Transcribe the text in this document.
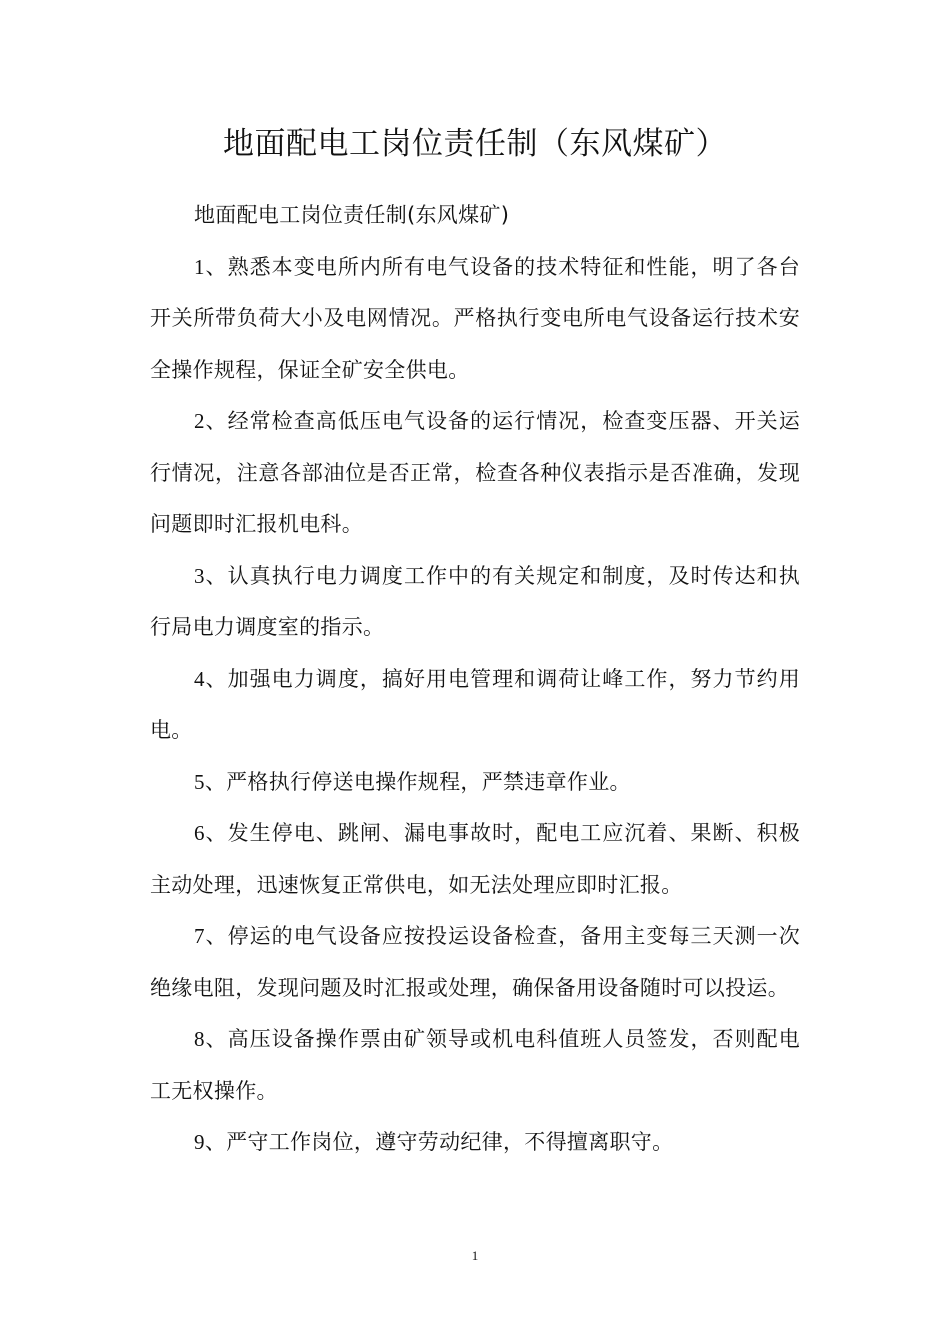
地面配电工岗位责任制（东风煤矿）

地面配电工岗位责任制(东风煤矿)

1、熟悉本变电所内所有电气设备的技术特征和性能，明了各台开关所带负荷大小及电网情况。严格执行变电所电气设备运行技术安全操作规程，保证全矿安全供电。

2、经常检查高低压电气设备的运行情况，检查变压器、开关运行情况，注意各部油位是否正常，检查各种仪表指示是否准确，发现问题即时汇报机电科。

3、认真执行电力调度工作中的有关规定和制度，及时传达和执行局电力调度室的指示。

4、加强电力调度，搞好用电管理和调荷让峰工作，努力节约用电。

5、严格执行停送电操作规程，严禁违章作业。

6、发生停电、跳闸、漏电事故时，配电工应沉着、果断、积极主动处理，迅速恢复正常供电，如无法处理应即时汇报。

7、停运的电气设备应按投运设备检查，备用主变每三天测一次绝缘电阻，发现问题及时汇报或处理，确保备用设备随时可以投运。

8、高压设备操作票由矿领导或机电科值班人员签发，否则配电工无权操作。

9、严守工作岗位，遵守劳动纪律，不得擅离职守。

1
